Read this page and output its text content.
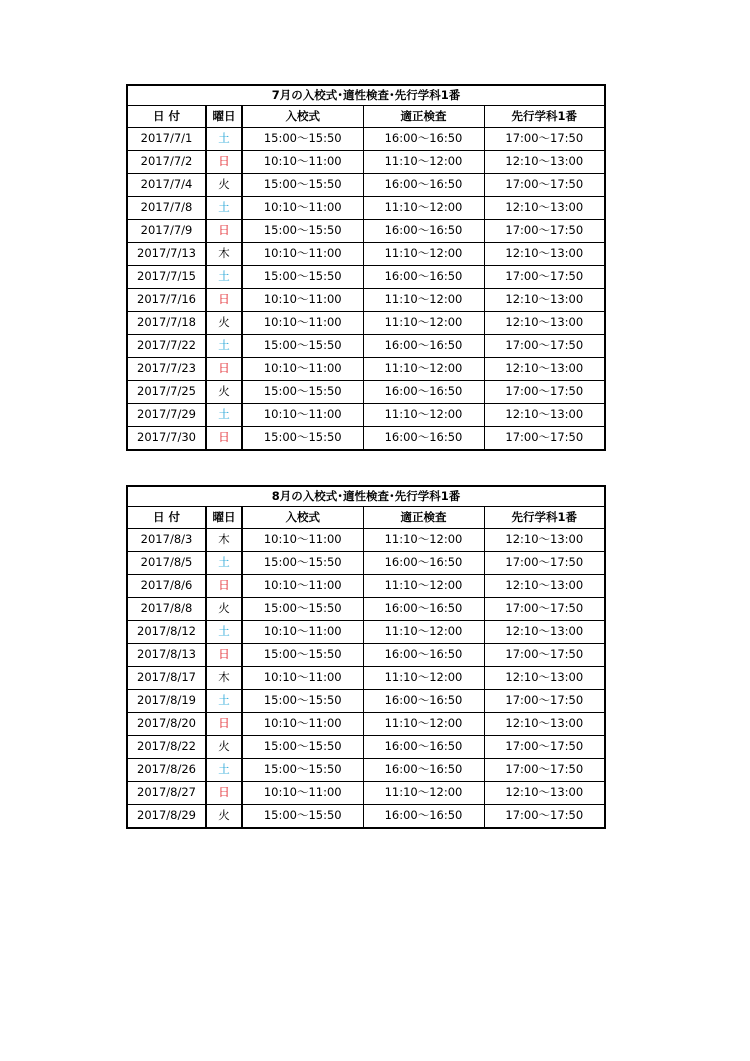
7月の入校式･適性検査･先行学科1番				
日 付	曜日	入校式	適正検査	先行学科1番
2017/7/1	土	15:00～15:50	16:00～16:50	17:00～17:50
2017/7/2	日	10:10～11:00	11:10～12:00	12:10～13:00
2017/7/4	火	15:00～15:50	16:00～16:50	17:00～17:50
2017/7/8	土	10:10～11:00	11:10～12:00	12:10～13:00
2017/7/9	日	15:00～15:50	16:00～16:50	17:00～17:50
2017/7/13	木	10:10～11:00	11:10～12:00	12:10～13:00
2017/7/15	土	15:00～15:50	16:00～16:50	17:00～17:50
2017/7/16	日	10:10～11:00	11:10～12:00	12:10～13:00
2017/7/18	火	10:10～11:00	11:10～12:00	12:10～13:00
2017/7/22	土	15:00～15:50	16:00～16:50	17:00～17:50
2017/7/23	日	10:10～11:00	11:10～12:00	12:10～13:00
2017/7/25	火	15:00～15:50	16:00～16:50	17:00～17:50
2017/7/29	土	10:10～11:00	11:10～12:00	12:10～13:00
2017/7/30	日	15:00～15:50	16:00～16:50	17:00～17:50
8月の入校式･適性検査･先行学科1番				
日 付	曜日	入校式	適正検査	先行学科1番
2017/8/3	木	10:10～11:00	11:10～12:00	12:10～13:00
2017/8/5	土	15:00～15:50	16:00～16:50	17:00～17:50
2017/8/6	日	10:10～11:00	11:10～12:00	12:10～13:00
2017/8/8	火	15:00～15:50	16:00～16:50	17:00～17:50
2017/8/12	土	10:10～11:00	11:10～12:00	12:10～13:00
2017/8/13	日	15:00～15:50	16:00～16:50	17:00～17:50
2017/8/17	木	10:10～11:00	11:10～12:00	12:10～13:00
2017/8/19	土	15:00～15:50	16:00～16:50	17:00～17:50
2017/8/20	日	10:10～11:00	11:10～12:00	12:10～13:00
2017/8/22	火	15:00～15:50	16:00～16:50	17:00～17:50
2017/8/26	土	15:00～15:50	16:00～16:50	17:00～17:50
2017/8/27	日	10:10～11:00	11:10～12:00	12:10～13:00
2017/8/29	火	15:00～15:50	16:00～16:50	17:00～17:50
